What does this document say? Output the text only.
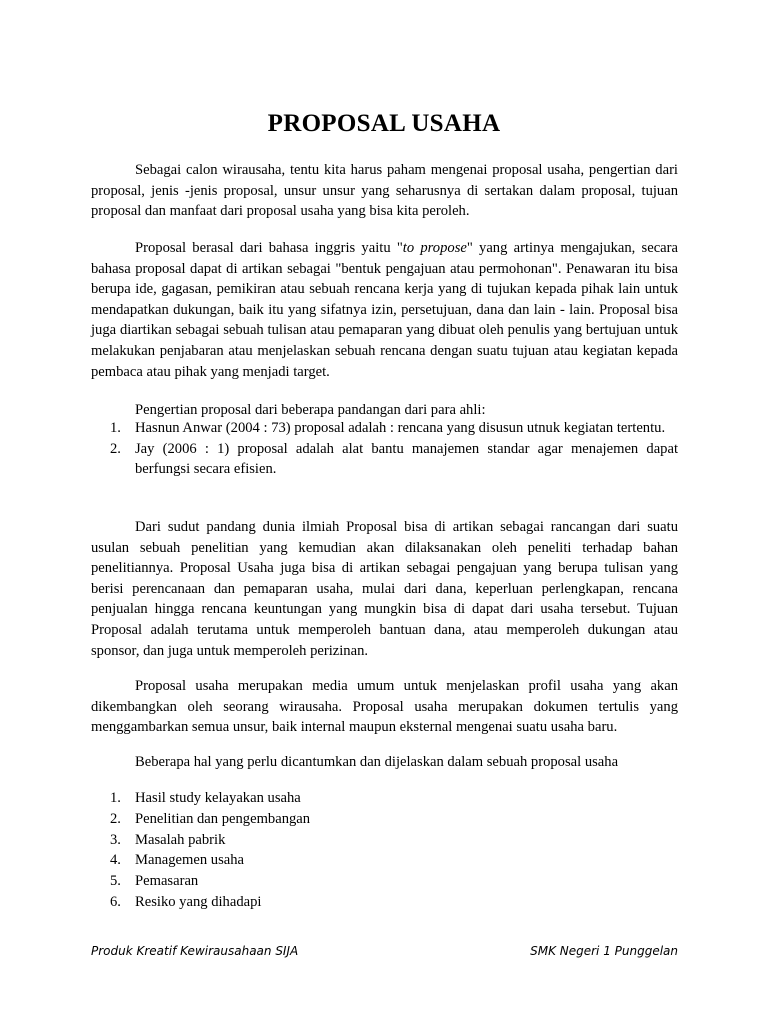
PROPOSAL USAHA

Sebagai calon wirausaha, tentu kita harus paham mengenai proposal usaha, pengertian dari proposal, jenis -jenis proposal, unsur unsur yang seharusnya di sertakan dalam proposal, tujuan proposal dan manfaat dari proposal usaha yang bisa kita peroleh.

Proposal berasal dari bahasa inggris yaitu "to propose" yang artinya mengajukan, secara bahasa proposal dapat di artikan sebagai "bentuk pengajuan atau permohonan". Penawaran itu bisa berupa ide, gagasan, pemikiran atau sebuah rencana kerja yang di tujukan kepada pihak lain untuk mendapatkan dukungan, baik itu yang sifatnya izin, persetujuan, dana dan lain - lain. Proposal bisa juga diartikan sebagai sebuah tulisan atau pemaparan yang dibuat oleh penulis yang bertujuan untuk melakukan penjabaran atau menjelaskan sebuah rencana dengan suatu tujuan atau kegiatan kepada pembaca atau pihak yang menjadi target.

Pengertian proposal dari beberapa pandangan dari para ahli:

1. Hasnun Anwar (2004 : 73) proposal adalah : rencana yang disusun utnuk kegiatan tertentu.
2. Jay (2006 : 1) proposal adalah alat bantu manajemen standar agar menajemen dapat berfungsi secara efisien.

Dari sudut pandang dunia ilmiah Proposal bisa di artikan sebagai rancangan dari suatu usulan sebuah penelitian yang kemudian akan dilaksanakan oleh peneliti terhadap bahan penelitiannya. Proposal Usaha juga bisa di artikan sebagai pengajuan yang berupa tulisan yang berisi perencanaan dan pemaparan usaha, mulai dari dana, keperluan perlengkapan, rencana penjualan hingga rencana keuntungan yang mungkin bisa di dapat dari usaha tersebut. Tujuan Proposal adalah terutama untuk memperoleh bantuan dana, atau memperoleh dukungan atau sponsor, dan juga untuk memperoleh perizinan.

Proposal usaha merupakan media umum untuk menjelaskan profil usaha yang akan dikembangkan oleh seorang wirausaha. Proposal usaha merupakan dokumen tertulis yang menggambarkan semua unsur, baik internal maupun eksternal mengenai suatu usaha baru.

Beberapa hal yang perlu dicantumkan dan dijelaskan dalam sebuah proposal usaha

1. Hasil study kelayakan usaha
2. Penelitian dan pengembangan
3. Masalah pabrik
4. Managemen usaha
5. Pemasaran
6. Resiko yang dihadapi
Produk Kreatif Kewirausahaan SIJA	SMK Negeri 1 Punggelan
